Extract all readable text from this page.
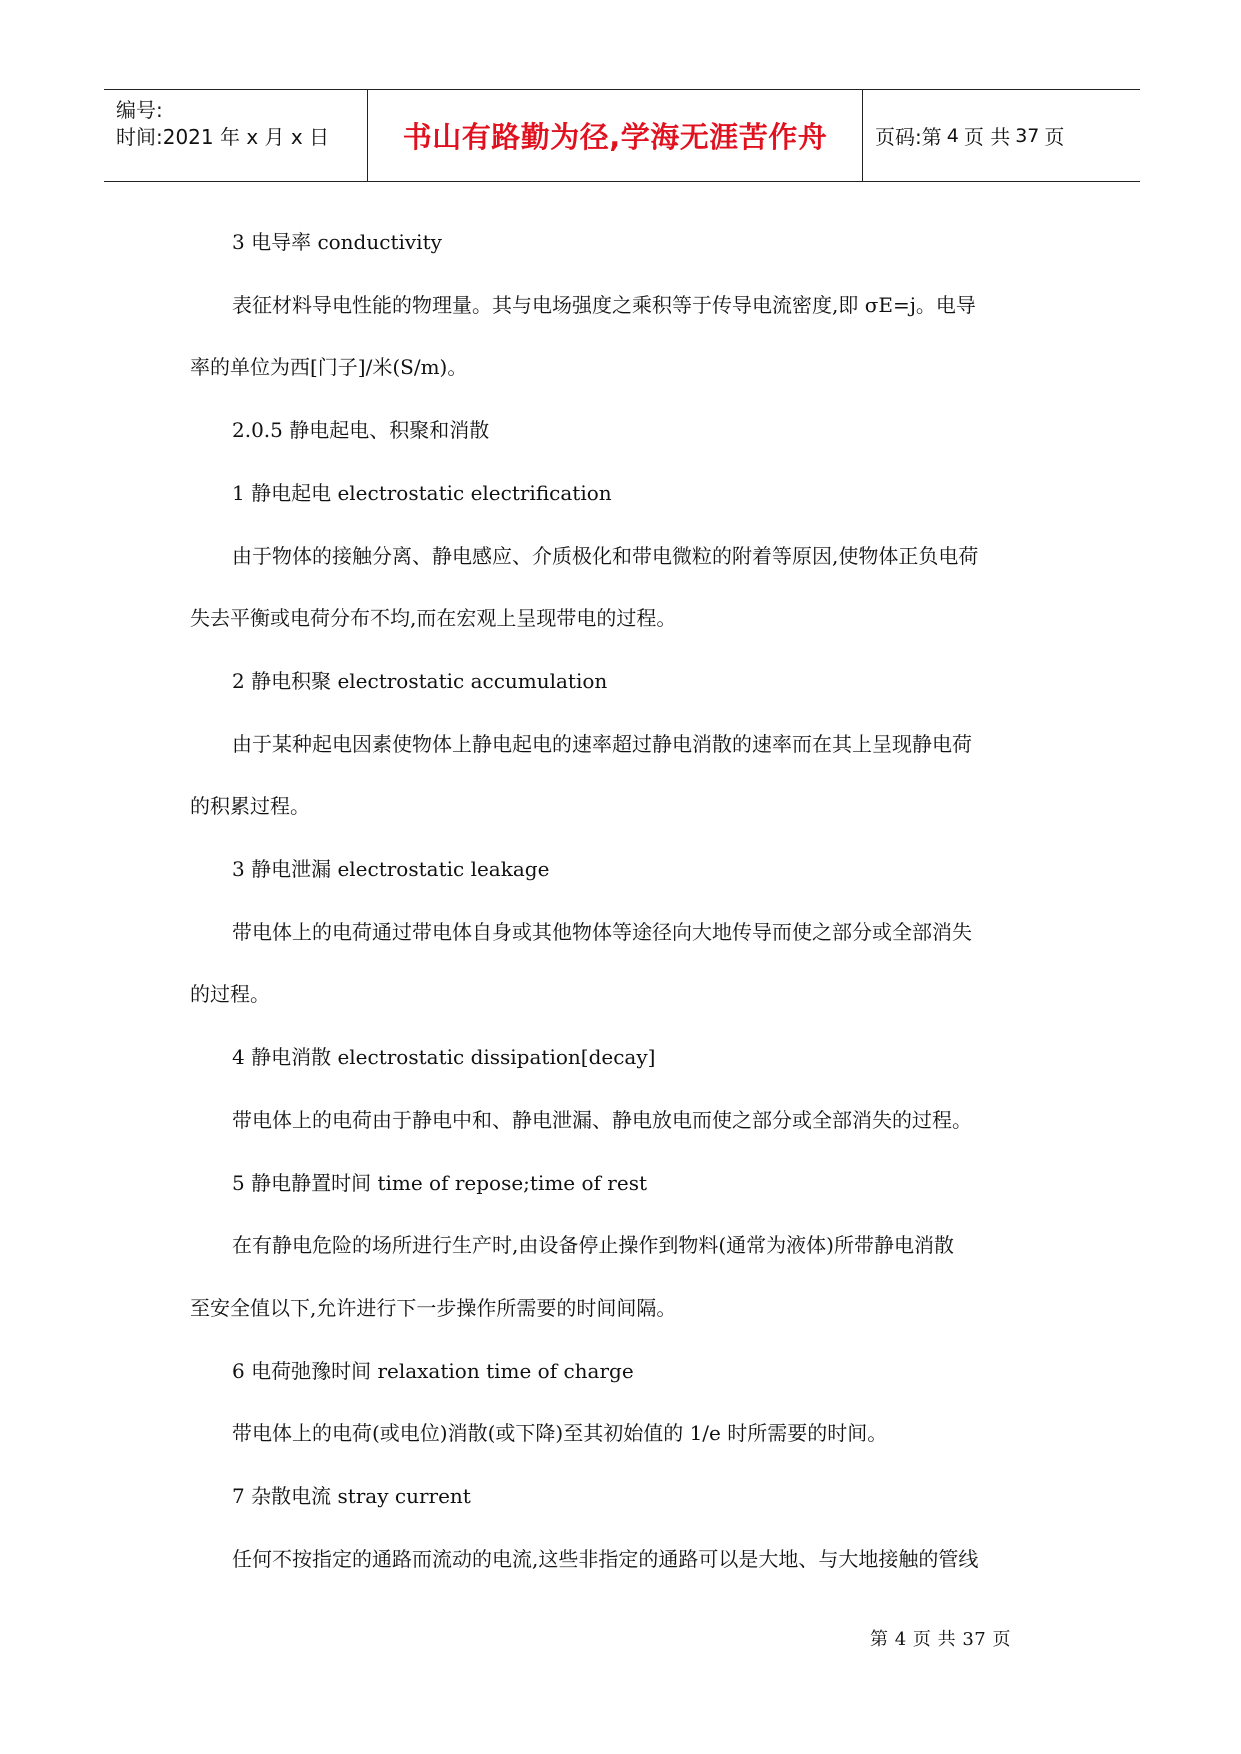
编号:
时间:2021 年 x 月 x 日	书山有路勤为径,学海无涯苦作舟	页码:第 4 页 共 37 页
3 电导率 conductivity
表征材料导电性能的物理量。其与电场强度之乘积等于传导电流密度,即 σE=j。电导
率的单位为西[门子]/米(S/m)。
2.0.5 静电起电、积聚和消散
1 静电起电 electrostatic electrification
由于物体的接触分离、静电感应、介质极化和带电微粒的附着等原因,使物体正负电荷
失去平衡或电荷分布不均,而在宏观上呈现带电的过程。
2 静电积聚 electrostatic accumulation
由于某种起电因素使物体上静电起电的速率超过静电消散的速率而在其上呈现静电荷
的积累过程。
3 静电泄漏 electrostatic leakage
带电体上的电荷通过带电体自身或其他物体等途径向大地传导而使之部分或全部消失
的过程。
4 静电消散 electrostatic dissipation[decay]
带电体上的电荷由于静电中和、静电泄漏、静电放电而使之部分或全部消失的过程。
5 静电静置时间 time of repose;time of rest
在有静电危险的场所进行生产时,由设备停止操作到物料(通常为液体)所带静电消散
至安全值以下,允许进行下一步操作所需要的时间间隔。
6 电荷弛豫时间 relaxation time of charge
带电体上的电荷(或电位)消散(或下降)至其初始值的 1/e 时所需要的时间。
7 杂散电流 stray current
任何不按指定的通路而流动的电流,这些非指定的通路可以是大地、与大地接触的管线
第 4 页 共 37 页
